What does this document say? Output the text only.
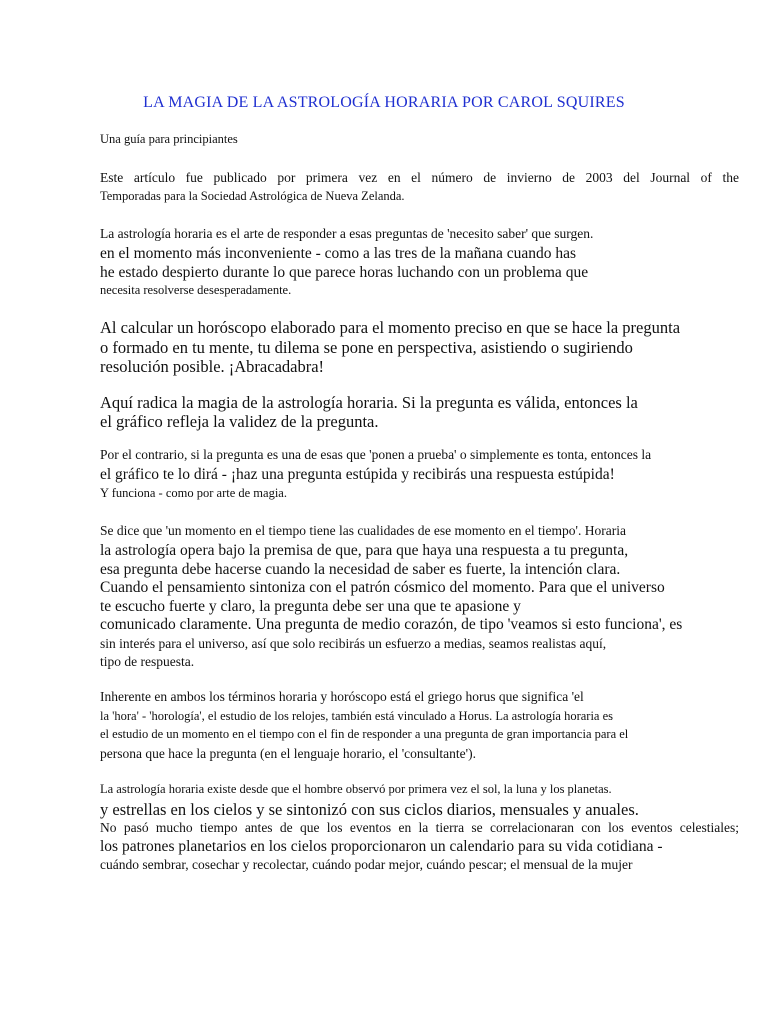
LA MAGIA DE LA ASTROLOGÍA HORARIA POR CAROL SQUIRES
Una guía para principiantes
Este artículo fue publicado por primera vez en el número de invierno de 2003 del Journal of the
Temporadas para la Sociedad Astrológica de Nueva Zelanda.
La astrología horaria es el arte de responder a esas preguntas de 'necesito saber' que surgen.
en el momento más inconveniente - como a las tres de la mañana cuando has
he estado despierto durante lo que parece horas luchando con un problema que
necesita resolverse desesperadamente.
Al calcular un horóscopo elaborado para el momento preciso en que se hace la pregunta
o formado en tu mente, tu dilema se pone en perspectiva, asistiendo o sugiriendo
resolución posible. ¡Abracadabra!
Aquí radica la magia de la astrología horaria. Si la pregunta es válida, entonces la
el gráfico refleja la validez de la pregunta.
Por el contrario, si la pregunta es una de esas que 'ponen a prueba' o simplemente es tonta, entonces la
el gráfico te lo dirá - ¡haz una pregunta estúpida y recibirás una respuesta estúpida!
Y funciona - como por arte de magia.
Se dice que 'un momento en el tiempo tiene las cualidades de ese momento en el tiempo'. Horaria
la astrología opera bajo la premisa de que, para que haya una respuesta a tu pregunta,
esa pregunta debe hacerse cuando la necesidad de saber es fuerte, la intención clara.
Cuando el pensamiento sintoniza con el patrón cósmico del momento. Para que el universo
te escucho fuerte y claro, la pregunta debe ser una que te apasione y
comunicado claramente. Una pregunta de medio corazón, de tipo 'veamos si esto funciona', es
sin interés para el universo, así que solo recibirás un esfuerzo a medias, seamos realistas aquí,
tipo de respuesta.
Inherente en ambos los términos horaria y horóscopo está el griego horus que significa 'el
la 'hora' - 'horología', el estudio de los relojes, también está vinculado a Horus. La astrología horaria es
el estudio de un momento en el tiempo con el fin de responder a una pregunta de gran importancia para el
persona que hace la pregunta (en el lenguaje horario, el 'consultante').
La astrología horaria existe desde que el hombre observó por primera vez el sol, la luna y los planetas.
y estrellas en los cielos y se sintonizó con sus ciclos diarios, mensuales y anuales.
No pasó mucho tiempo antes de que los eventos en la tierra se correlacionaran con los eventos celestiales;
los patrones planetarios en los cielos proporcionaron un calendario para su vida cotidiana -
cuándo sembrar, cosechar y recolectar, cuándo podar mejor, cuándo pescar; el mensual de la mujer
